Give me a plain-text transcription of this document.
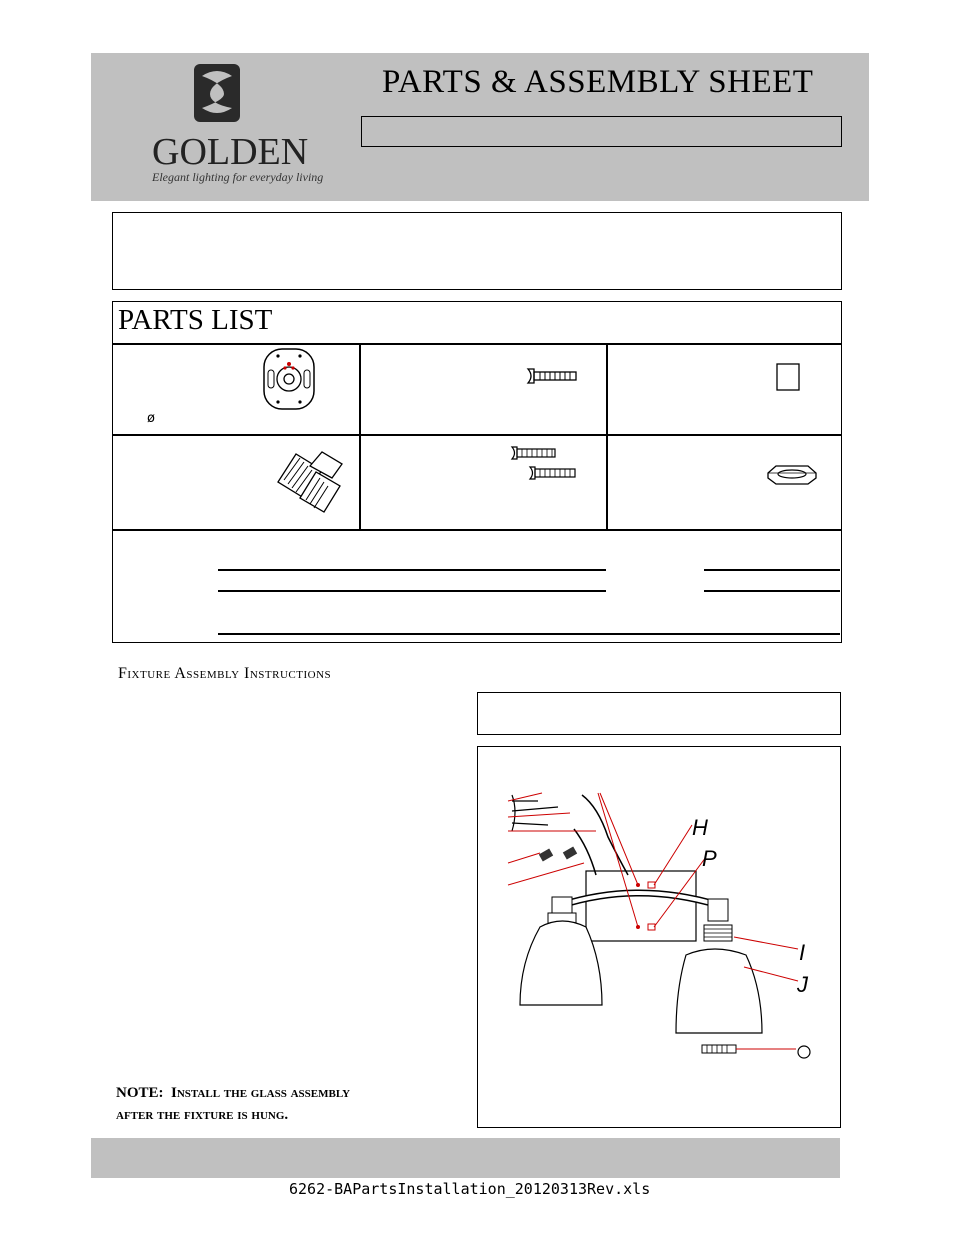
GOLDEN
Elegant lighting for everyday living
PARTS & ASSEMBLY SHEET
PARTS LIST
ø
Fixture Assembly Instructions
NOTE: Install the glass assembly
after the fixture is hung.
H
P
I
J
6262-BAPartsInstallation_20120313Rev.xls
